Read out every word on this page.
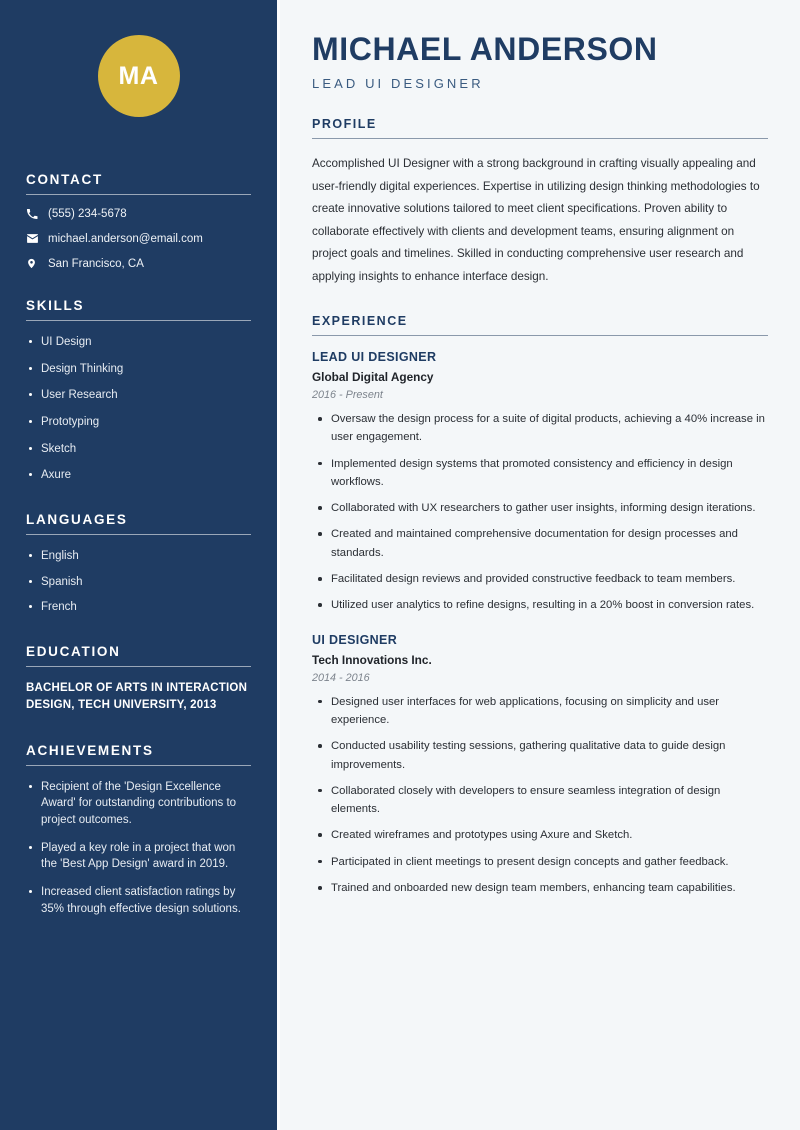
MA
CONTACT
(555) 234-5678
michael.anderson@email.com
San Francisco, CA
SKILLS
UI Design
Design Thinking
User Research
Prototyping
Sketch
Axure
LANGUAGES
English
Spanish
French
EDUCATION
BACHELOR OF ARTS IN INTERACTION DESIGN, TECH UNIVERSITY, 2013
ACHIEVEMENTS
Recipient of the 'Design Excellence Award' for outstanding contributions to project outcomes.
Played a key role in a project that won the 'Best App Design' award in 2019.
Increased client satisfaction ratings by 35% through effective design solutions.
MICHAEL ANDERSON
LEAD UI DESIGNER
PROFILE

Accomplished UI Designer with a strong background in crafting visually appealing and user-friendly digital experiences. Expertise in utilizing design thinking methodologies to create innovative solutions tailored to meet client specifications. Proven ability to collaborate effectively with clients and development teams, ensuring alignment on project goals and timelines. Skilled in conducting comprehensive user research and applying insights to enhance interface design.

EXPERIENCE
LEAD UI DESIGNER
Global Digital Agency
2016 - Present
Oversaw the design process for a suite of digital products, achieving a 40% increase in user engagement.
Implemented design systems that promoted consistency and efficiency in design workflows.
Collaborated with UX researchers to gather user insights, informing design iterations.
Created and maintained comprehensive documentation for design processes and standards.
Facilitated design reviews and provided constructive feedback to team members.
Utilized user analytics to refine designs, resulting in a 20% boost in conversion rates.
UI DESIGNER
Tech Innovations Inc.
2014 - 2016
Designed user interfaces for web applications, focusing on simplicity and user experience.
Conducted usability testing sessions, gathering qualitative data to guide design improvements.
Collaborated closely with developers to ensure seamless integration of design elements.
Created wireframes and prototypes using Axure and Sketch.
Participated in client meetings to present design concepts and gather feedback.
Trained and onboarded new design team members, enhancing team capabilities.
